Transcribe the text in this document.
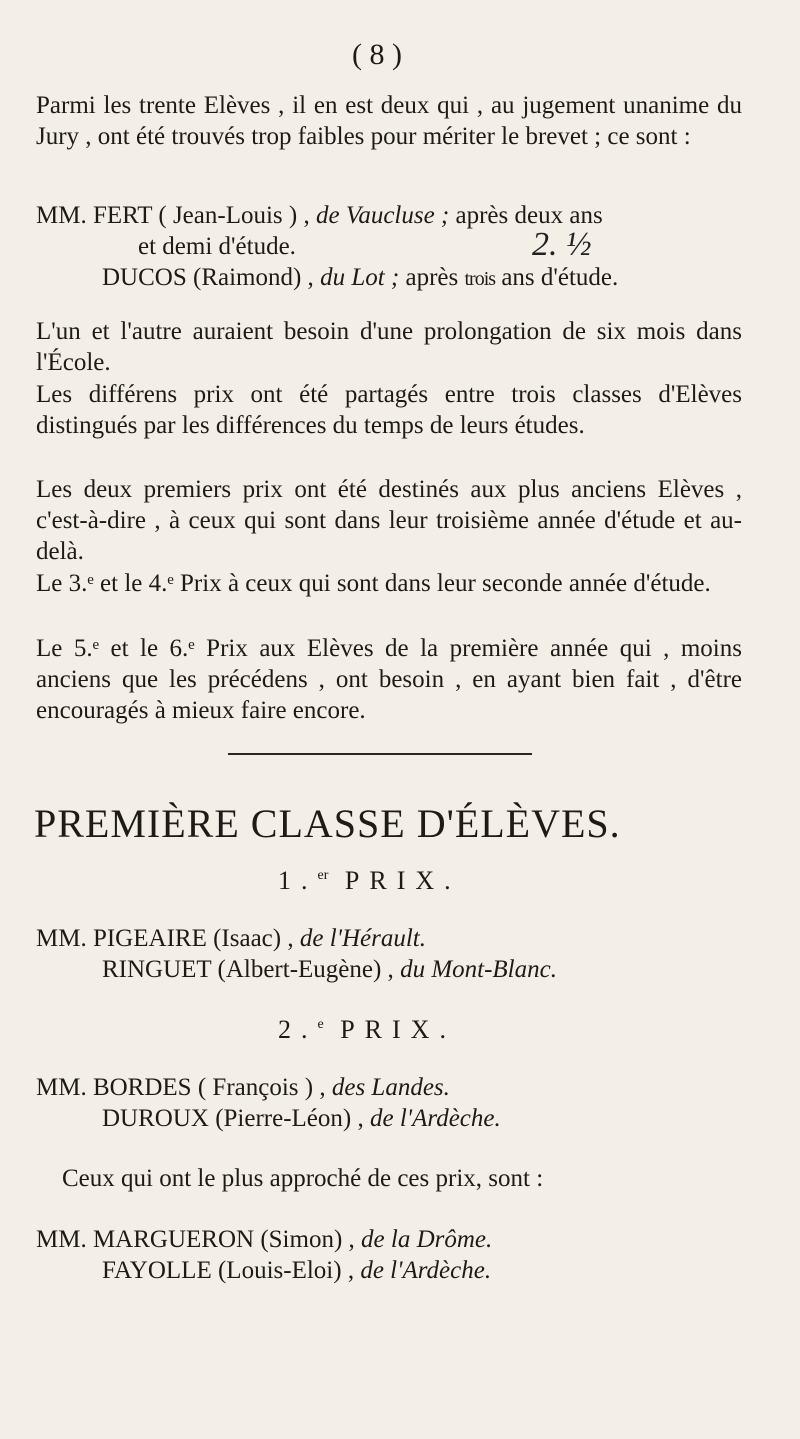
( 8 )
Parmi les trente Elèves , il en est deux qui , au jugement unanime du Jury , ont été trouvés trop faibles pour mériter le brevet ; ce sont :
MM. FERT ( Jean-Louis ) , de Vaucluse ; après deux ans
et demi d'étude.	2. ½
DUCOS (Raimond) , du Lot ; après trois ans d'étude.
L'un et l'autre auraient besoin d'une prolongation de six mois dans l'École.
Les différens prix ont été partagés entre trois classes d'Elèves distingués par les différences du temps de leurs études.
Les deux premiers prix ont été destinés aux plus anciens Elèves , c'est-à-dire , à ceux qui sont dans leur troisième année d'étude et au-delà.
Le 3.ᵉ et le 4.ᵉ Prix à ceux qui sont dans leur seconde année d'étude.
Le 5.ᵉ et le 6.ᵉ Prix aux Elèves de la première année qui , moins anciens que les précédens , ont besoin , en ayant bien fait , d'être encouragés à mieux faire encore.
PREMIÈRE CLASSE D'ÉLÈVES.
1.$^{er}$ PRIX.
MM. PIGEAIRE (Isaac) , de l'Hérault.
RINGUET (Albert-Eugène) , du Mont-Blanc.
2.$^e$ PRIX.
MM. BORDES ( François ) , des Landes.
DUROUX (Pierre-Léon) , de l'Ardèche.
Ceux qui ont le plus approché de ces prix, sont :
MM. MARGUERON (Simon) , de la Drôme.
FAYOLLE (Louis-Eloi) , de l'Ardèche.
